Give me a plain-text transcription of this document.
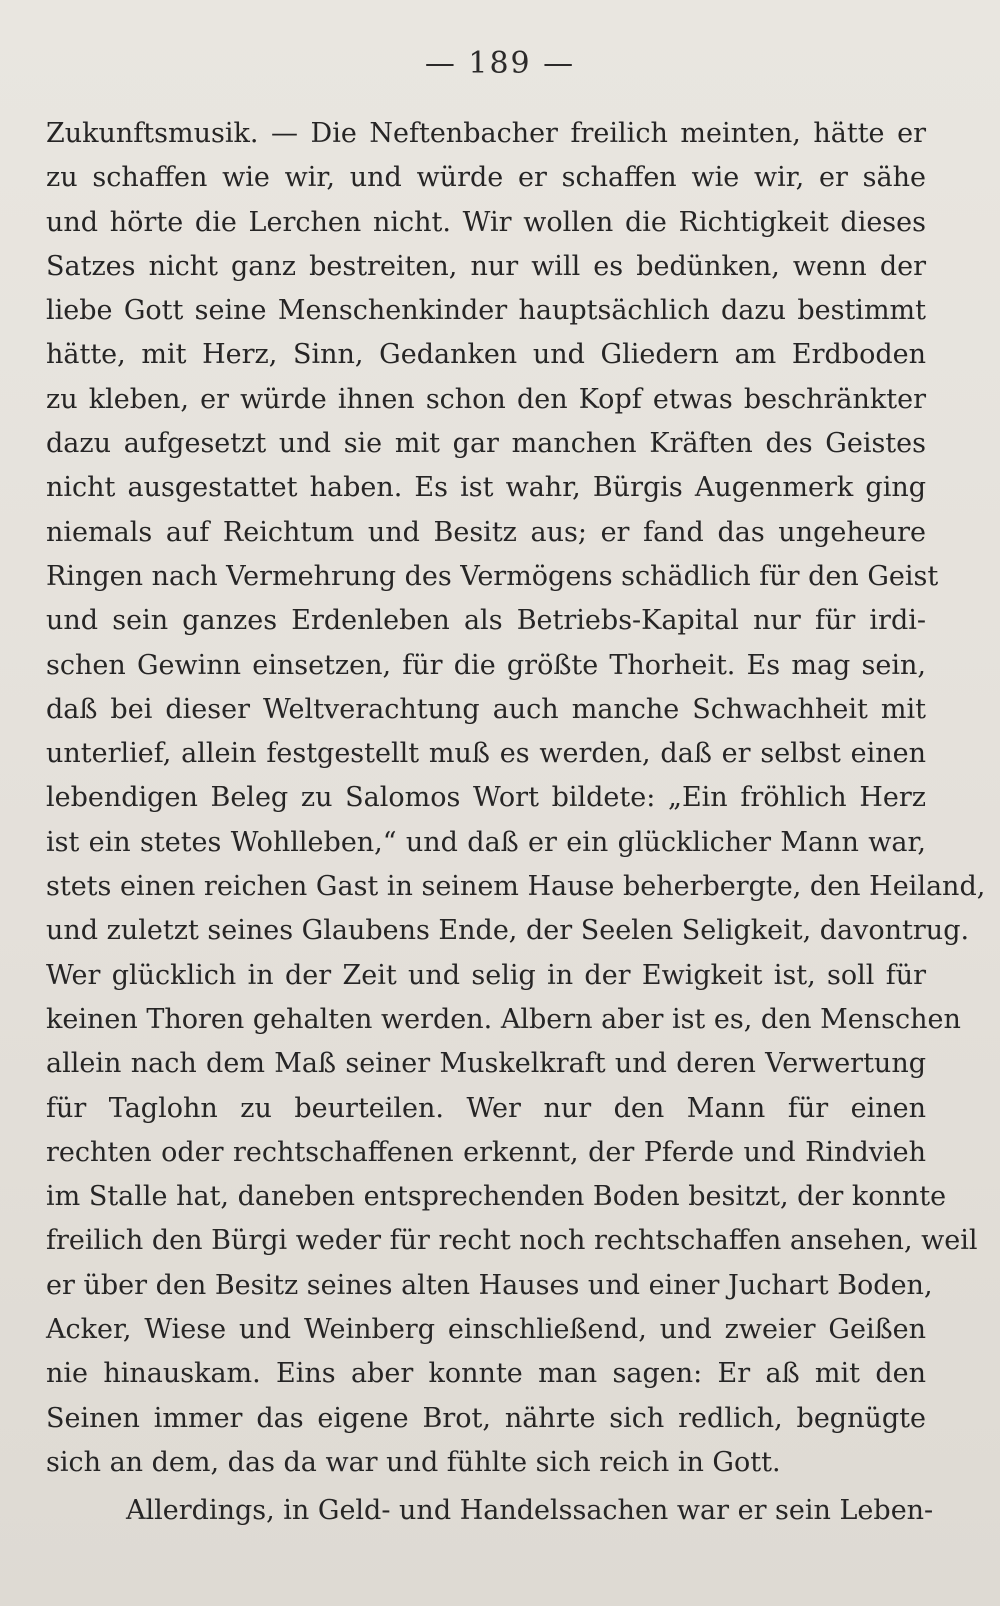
— 189 —
Zukunftsmusik. — Die Neftenbacher freilich meinten, hätte er
zu schaffen wie wir, und würde er schaffen wie wir, er sähe
und hörte die Lerchen nicht. Wir wollen die Richtigkeit dieses
Satzes nicht ganz bestreiten, nur will es bedünken, wenn der
liebe Gott seine Menschenkinder hauptsächlich dazu bestimmt
hätte, mit Herz, Sinn, Gedanken und Gliedern am Erdboden
zu kleben, er würde ihnen schon den Kopf etwas beschränkter
dazu aufgesetzt und sie mit gar manchen Kräften des Geistes
nicht ausgestattet haben. Es ist wahr, Bürgis Augenmerk ging
niemals auf Reichtum und Besitz aus; er fand das ungeheure
Ringen nach Vermehrung des Vermögens schädlich für den Geist
und sein ganzes Erdenleben als Betriebs-Kapital nur für irdi-
schen Gewinn einsetzen, für die größte Thorheit. Es mag sein,
daß bei dieser Weltverachtung auch manche Schwachheit mit
unterlief, allein festgestellt muß es werden, daß er selbst einen
lebendigen Beleg zu Salomos Wort bildete: „Ein fröhlich Herz
ist ein stetes Wohlleben,“ und daß er ein glücklicher Mann war,
stets einen reichen Gast in seinem Hause beherbergte, den Heiland,
und zuletzt seines Glaubens Ende, der Seelen Seligkeit, davontrug.
Wer glücklich in der Zeit und selig in der Ewigkeit ist, soll für
keinen Thoren gehalten werden. Albern aber ist es, den Menschen
allein nach dem Maß seiner Muskelkraft und deren Verwertung
für Taglohn zu beurteilen. Wer nur den Mann für einen
rechten oder rechtschaffenen erkennt, der Pferde und Rindvieh
im Stalle hat, daneben entsprechenden Boden besitzt, der konnte
freilich den Bürgi weder für recht noch rechtschaffen ansehen, weil
er über den Besitz seines alten Hauses und einer Juchart Boden,
Acker, Wiese und Weinberg einschließend, und zweier Geißen
nie hinauskam. Eins aber konnte man sagen: Er aß mit den
Seinen immer das eigene Brot, nährte sich redlich, begnügte
sich an dem, das da war und fühlte sich reich in Gott.
Allerdings, in Geld- und Handelssachen war er sein Leben-
